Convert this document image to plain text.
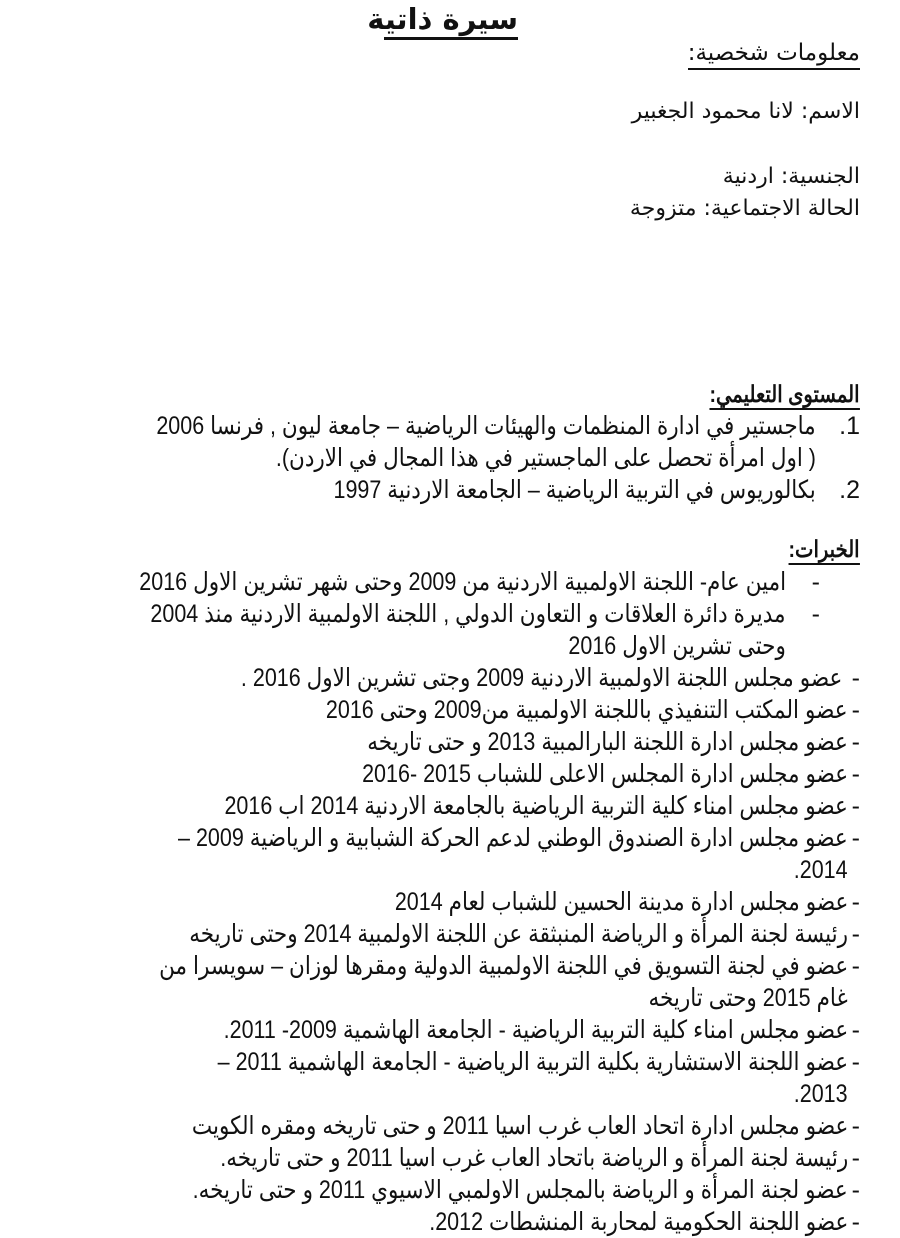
سيرة ذاتية
معلومات شخصية:
الاسم: لانا محمود الجغبير
الجنسية: اردنية
الحالة الاجتماعية: متزوجة
المستوى التعليمي:
1.
ماجستير في ادارة المنظمات والهيئات الرياضية – جامعة ليون , فرنسا 2006
( اول امرأة تحصل على الماجستير في هذا المجال في الاردن).
2.
بكالوريوس في التربية الرياضية – الجامعة الاردنية 1997
الخبرات:
-
امين عام- اللجنة الاولمبية الاردنية من 2009 وحتى شهر تشرين الاول 2016
-
مديرة دائرة العلاقات و التعاون الدولي , اللجنة الاولمبية الاردنية منذ 2004
وحتى تشرين الاول 2016
-
عضو مجلس اللجنة الاولمبية الاردنية 2009 وجتى تشرين الاول 2016 .
-
عضو المكتب التنفيذي باللجنة الاولمبية من2009 وحتى 2016
-
عضو مجلس ادارة اللجنة البارالمبية 2013 و حتى تاريخه
-
عضو مجلس ادارة المجلس الاعلى للشباب 2015 -2016
-
عضو مجلس امناء كلية التربية الرياضية بالجامعة الاردنية 2014 اب 2016
-
عضو مجلس ادارة الصندوق الوطني لدعم الحركة الشبابية و الرياضية 2009 –
2014.
-
عضو مجلس ادارة مدينة الحسين للشباب لعام 2014
-
رئيسة لجنة المرأة و الرياضة المنبثقة عن اللجنة الاولمبية 2014 وحتى تاريخه
-
عضو في لجنة التسويق في اللجنة الاولمبية الدولية ومقرها لوزان – سويسرا من
غام 2015 وحتى تاريخه
-
عضو مجلس امناء كلية التربية الرياضية - الجامعة الهاشمية 2009- 2011.
-
عضو اللجنة الاستشارية بكلية التربية الرياضية - الجامعة الهاشمية 2011 –
2013.
-
عضو مجلس ادارة اتحاد العاب غرب اسيا 2011 و حتى تاريخه ومقره الكويت
-
رئيسة لجنة المرأة و الرياضة باتحاد العاب غرب اسيا 2011 و حتى تاريخه.
-
عضو لجنة المرأة و الرياضة بالمجلس الاولمبي الاسيوي 2011 و حتى تاريخه.
-
عضو اللجنة الحكومية لمحاربة المنشطات 2012.
